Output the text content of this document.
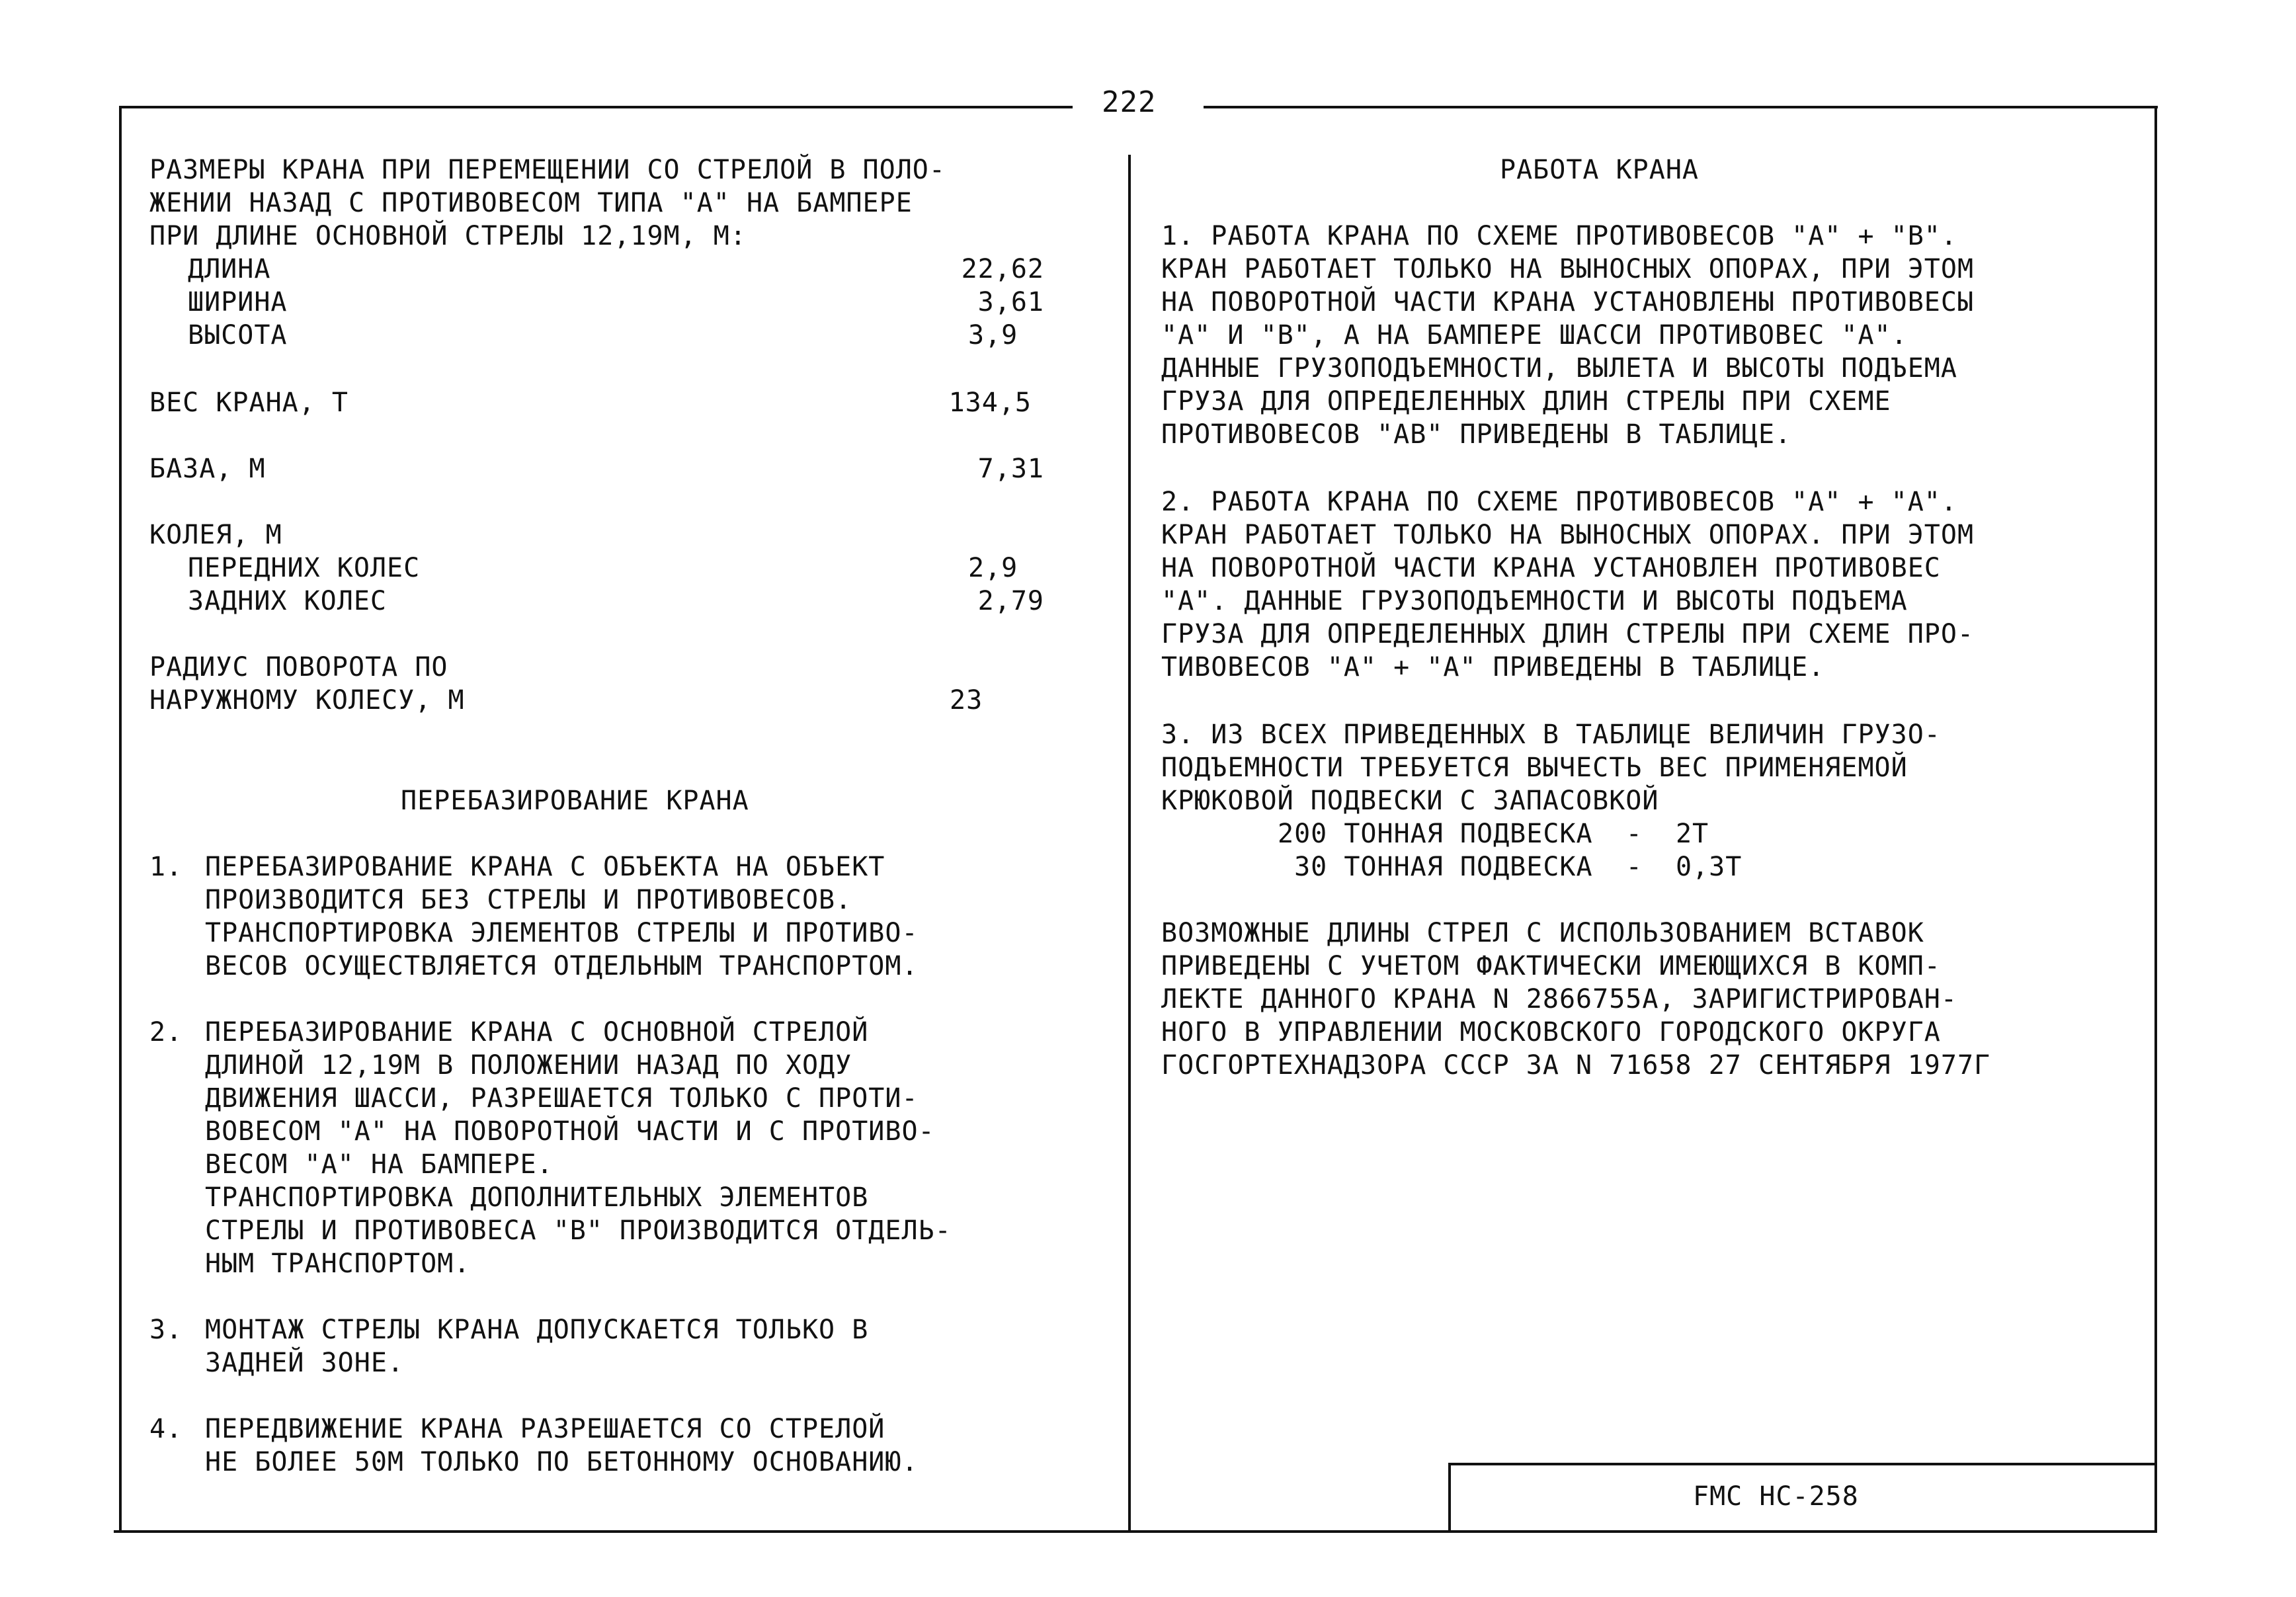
222
РАЗМЕРЫ КРАНА ПРИ ПЕРЕМЕЩЕНИИ СО СТРЕЛОЙ В ПОЛО-
ЖЕНИИ НАЗАД С ПРОТИВОВЕСОМ ТИПА "А" НА БАМПЕРЕ
ПРИ ДЛИНЕ ОСНОВНОЙ СТРЕЛЫ 12,19М, М:
ДЛИНА	22,62
ШИРИНА	3,61
ВЫСОТА	3,9
ВЕС КРАНА, Т	134,5
БАЗА, М	7,31
КОЛЕЯ, М
ПЕРЕДНИХ КОЛЕС	2,9
ЗАДНИХ КОЛЕС	2,79
РАДИУС ПОВОРОТА ПО
НАРУЖНОМУ КОЛЕСУ, М	23
ПЕРЕБАЗИРОВАНИЕ КРАНА
1. ПЕРЕБАЗИРОВАНИЕ КРАНА С ОБЪЕКТА НА ОБЪЕКТ
ПРОИЗВОДИТСЯ БЕЗ СТРЕЛЫ И ПРОТИВОВЕСОВ.
ТРАНСПОРТИРОВКА ЭЛЕМЕНТОВ СТРЕЛЫ И ПРОТИВО-
ВЕСОВ ОСУЩЕСТВЛЯЕТСЯ ОТДЕЛЬНЫМ ТРАНСПОРТОМ.
2. ПЕРЕБАЗИРОВАНИЕ КРАНА С ОСНОВНОЙ СТРЕЛОЙ
ДЛИНОЙ 12,19М В ПОЛОЖЕНИИ НАЗАД ПО ХОДУ
ДВИЖЕНИЯ ШАССИ, РАЗРЕШАЕТСЯ ТОЛЬКО С ПРОТИ-
ВОВЕСОМ "А" НА ПОВОРОТНОЙ ЧАСТИ И С ПРОТИВО-
ВЕСОМ "А" НА БАМПЕРЕ.
ТРАНСПОРТИРОВКА ДОПОЛНИТЕЛЬНЫХ ЭЛЕМЕНТОВ
СТРЕЛЫ И ПРОТИВОВЕСА "В" ПРОИЗВОДИТСЯ ОТДЕЛЬ-
НЫМ ТРАНСПОРТОМ.
3. МОНТАЖ СТРЕЛЫ КРАНА ДОПУСКАЕТСЯ ТОЛЬКО В
ЗАДНЕЙ ЗОНЕ.
4. ПЕРЕДВИЖЕНИЕ КРАНА РАЗРЕШАЕТСЯ СО СТРЕЛОЙ
НЕ БОЛЕЕ 50М ТОЛЬКО ПО БЕТОННОМУ ОСНОВАНИЮ.
РАБОТА КРАНА
1. РАБОТА КРАНА ПО СХЕМЕ ПРОТИВОВЕСОВ "А" + "В".
КРАН РАБОТАЕТ ТОЛЬКО НА ВЫНОСНЫХ ОПОРАХ, ПРИ ЭТОМ
НА ПОВОРОТНОЙ ЧАСТИ КРАНА УСТАНОВЛЕНЫ ПРОТИВОВЕСЫ
"А" И "В", А НА БАМПЕРЕ ШАССИ ПРОТИВОВЕС "А".
ДАННЫЕ ГРУЗОПОДЪЕМНОСТИ, ВЫЛЕТА И ВЫСОТЫ ПОДЪЕМА
ГРУЗА ДЛЯ ОПРЕДЕЛЕННЫХ ДЛИН СТРЕЛЫ ПРИ СХЕМЕ
ПРОТИВОВЕСОВ "АВ" ПРИВЕДЕНЫ В ТАБЛИЦЕ.
2. РАБОТА КРАНА ПО СХЕМЕ ПРОТИВОВЕСОВ "А" + "А".
КРАН РАБОТАЕТ ТОЛЬКО НА ВЫНОСНЫХ ОПОРАХ. ПРИ ЭТОМ
НА ПОВОРОТНОЙ ЧАСТИ КРАНА УСТАНОВЛЕН ПРОТИВОВЕС
"А". ДАННЫЕ ГРУЗОПОДЪЕМНОСТИ И ВЫСОТЫ ПОДЪЕМА
ГРУЗА ДЛЯ ОПРЕДЕЛЕННЫХ ДЛИН СТРЕЛЫ ПРИ СХЕМЕ ПРО-
ТИВОВЕСОВ "А" + "А" ПРИВЕДЕНЫ В ТАБЛИЦЕ.
3. ИЗ ВСЕХ ПРИВЕДЕННЫХ В ТАБЛИЦЕ ВЕЛИЧИН ГРУЗО-
ПОДЪЕМНОСТИ ТРЕБУЕТСЯ ВЫЧЕСТЬ ВЕС ПРИМЕНЯЕМОЙ
КРЮКОВОЙ ПОДВЕСКИ С ЗАПАСОВКОЙ
200 ТОННАЯ ПОДВЕСКА  -  2Т
30 ТОННАЯ ПОДВЕСКА  -  0,3Т
ВОЗМОЖНЫЕ ДЛИНЫ СТРЕЛ С ИСПОЛЬЗОВАНИЕМ ВСТАВОК
ПРИВЕДЕНЫ С УЧЕТОМ ФАКТИЧЕСКИ ИМЕЮЩИХСЯ В КОМП-
ЛЕКТЕ ДАННОГО КРАНА N 2866755А, ЗАРИГИСТРИРОВАН-
НОГО В УПРАВЛЕНИИ МОСКОВСКОГО ГОРОДСКОГО ОКРУГА
ГОСГОРТЕХНАДЗОРА СССР ЗА N 71658 27 СЕНТЯБРЯ 1977Г
FMC HC-258
